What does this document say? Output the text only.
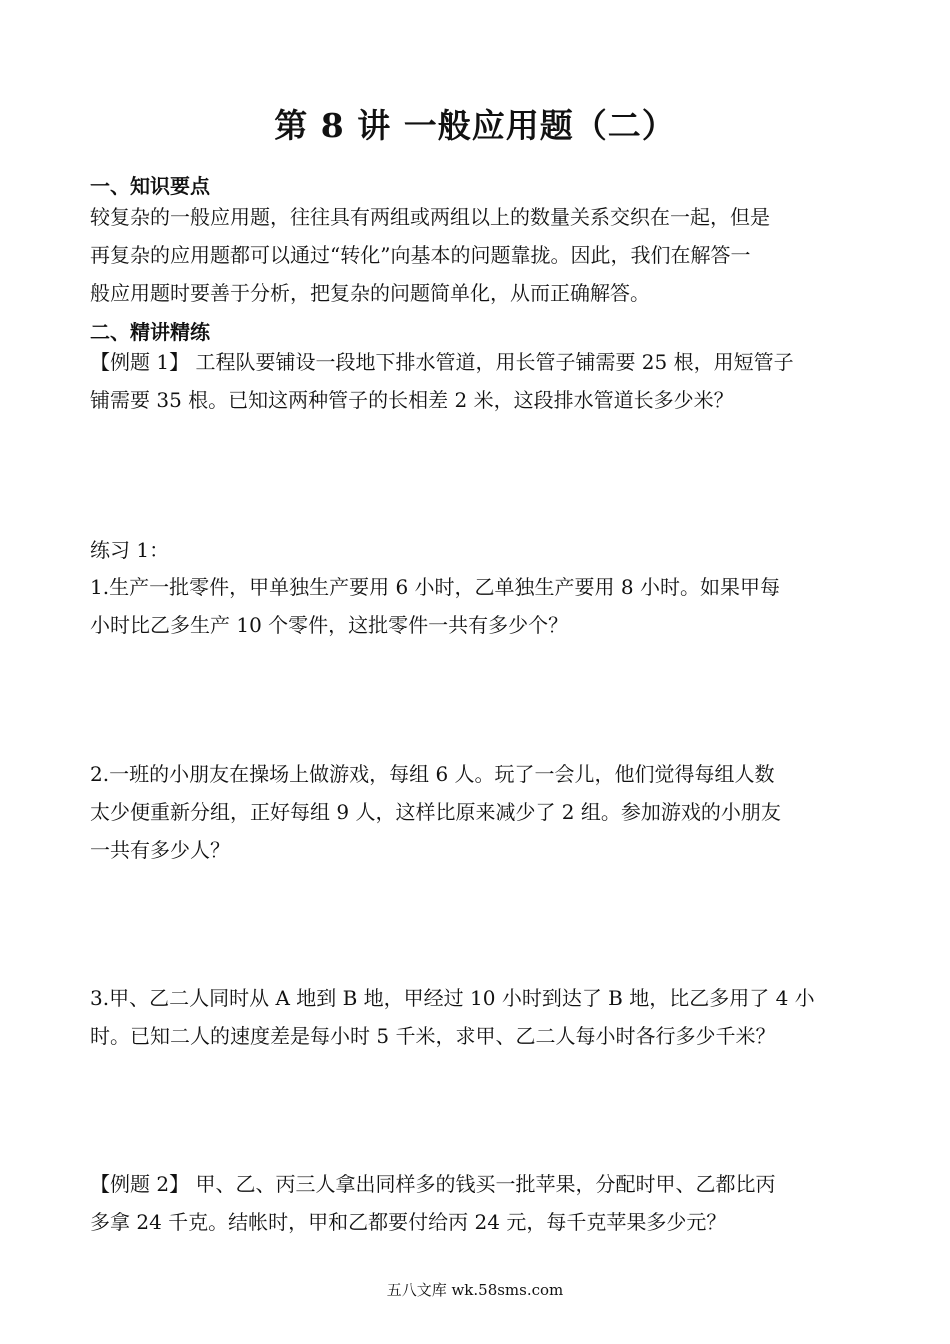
第 8 讲 一般应用题（二）
一、知识要点
较复杂的一般应用题，往往具有两组或两组以上的数量关系交织在一起，但是
再复杂的应用题都可以通过“转化”向基本的问题靠拢。因此，我们在解答一
般应用题时要善于分析，把复杂的问题简单化，从而正确解答。
二、精讲精练
【例题 1】 工程队要铺设一段地下排水管道，用长管子铺需要 25 根，用短管子
铺需要 35 根。已知这两种管子的长相差 2 米，这段排水管道长多少米？
练习 1：
1.生产一批零件，甲单独生产要用 6 小时，乙单独生产要用 8 小时。如果甲每
小时比乙多生产 10 个零件，这批零件一共有多少个？
2.一班的小朋友在操场上做游戏，每组 6 人。玩了一会儿，他们觉得每组人数
太少便重新分组，正好每组 9 人，这样比原来减少了 2 组。参加游戏的小朋友
一共有多少人？
3.甲、乙二人同时从 A 地到 B 地，甲经过 10 小时到达了 B 地，比乙多用了 4 小
时。已知二人的速度差是每小时 5 千米，求甲、乙二人每小时各行多少千米？
【例题 2】 甲、乙、丙三人拿出同样多的钱买一批苹果，分配时甲、乙都比丙
多拿 24 千克。结帐时，甲和乙都要付给丙 24 元，每千克苹果多少元？
五八文库 wk.58sms.com
